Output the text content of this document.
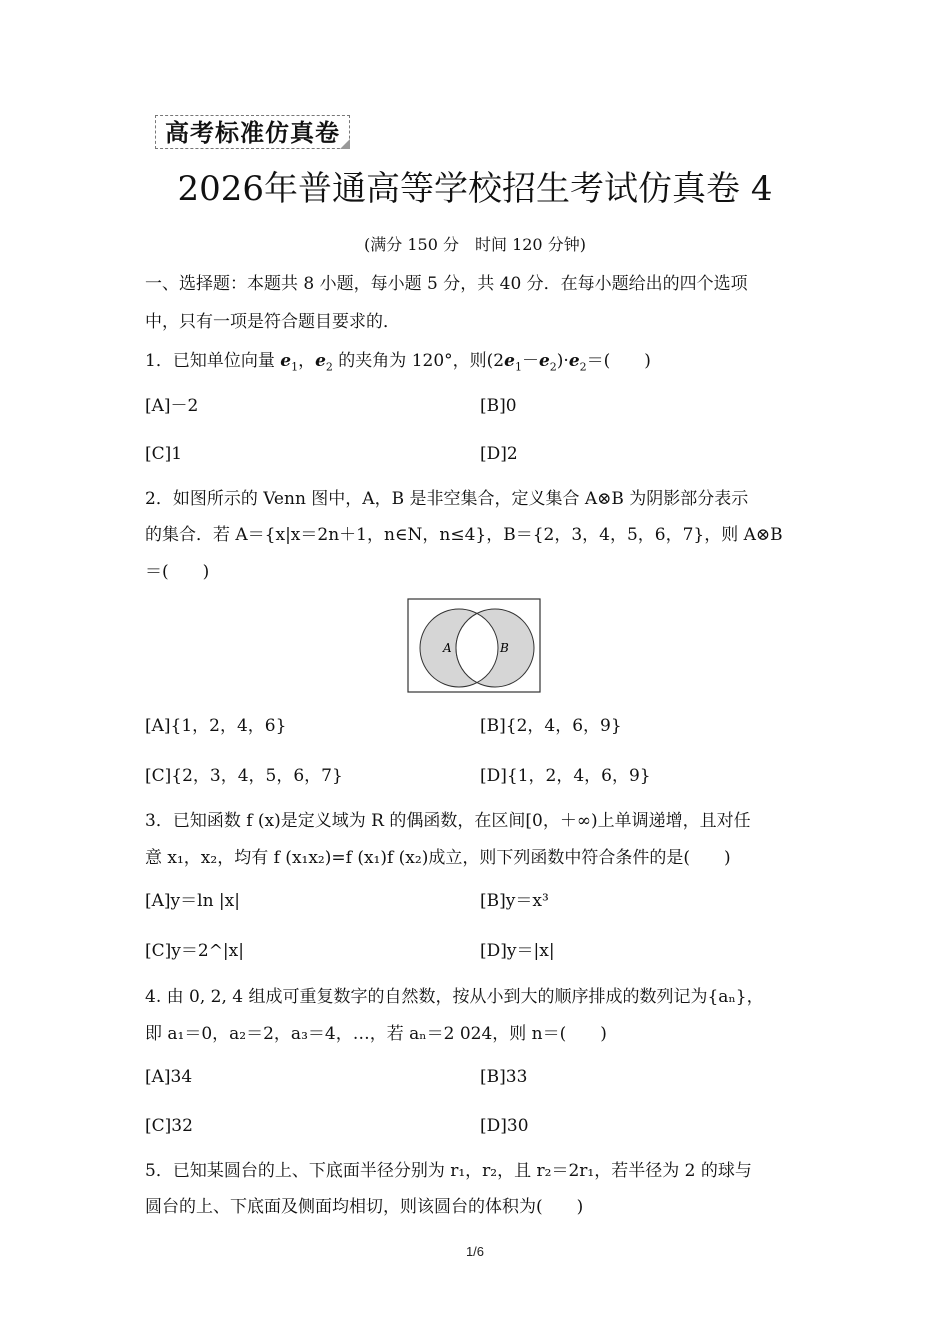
高考标准仿真卷
2026年普通高等学校招生考试仿真卷 4
(满分 150 分　时间 120 分钟)
一、选择题：本题共 8 小题，每小题 5 分，共 40 分．在每小题给出的四个选项
中，只有一项是符合题目要求的．
1．已知单位向量 $e_1$，$e_2$ 的夹角为 120°，则$(2e_1-e_2)\cdot e_2=$(　　)
[A]－2	[B]0
[C]1	[D]2
2．如图所示的 Venn 图中，A，B 是非空集合，定义集合 A⊗B 为阴影部分表示
的集合．若 A＝{x|x＝2n＋1，n∈N，n≤4}，B＝{2，3，4，5，6，7}，则 A⊗B
＝(　　)
A	B
[A]{1，2，4，6}	[B]{2，4，6，9}
[C]{2，3，4，5，6，7}	[D]{1，2，4，6，9}
3．已知函数 f (x)是定义域为 R 的偶函数，在区间[0，＋∞)上单调递增，且对任
意 x₁，x₂，均有 f (x₁x₂)=f (x₁)f (x₂)成立，则下列函数中符合条件的是(　　)
[A]y＝ln |x|	[B]y＝x³
[C]y＝2^|x|	[D]y＝|x|
4. 由 0, 2, 4 组成可重复数字的自然数，按从小到大的顺序排成的数列记为{aₙ}，
即 a₁＝0，a₂＝2，a₃＝4，…，若 aₙ＝2 024，则 n＝(　　)
[A]34	[B]33
[C]32	[D]30
5．已知某圆台的上、下底面半径分别为 r₁，r₂，且 r₂＝2r₁，若半径为 2 的球与
圆台的上、下底面及侧面均相切，则该圆台的体积为(　　)
1/6
